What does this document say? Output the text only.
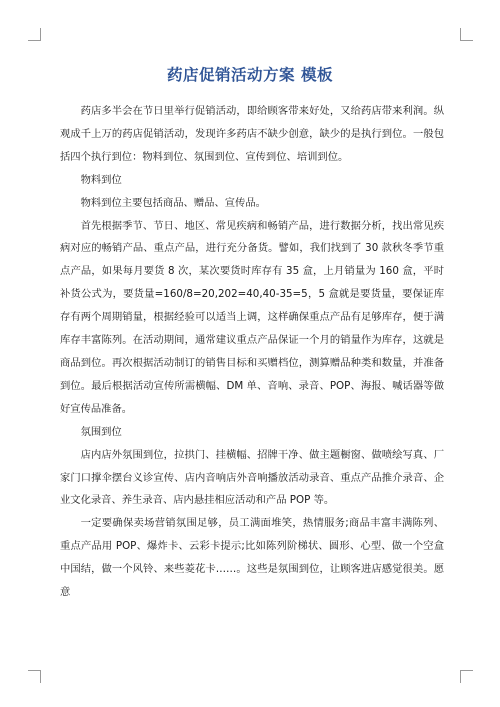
药店促销活动方案 模板

药店多半会在节日里举行促销活动，即给顾客带来好处，又给药店带来利润。纵观成千上万的药店促销活动，发现许多药店不缺少创意，缺少的是执行到位。一般包括四个执行到位：物料到位、氛围到位、宣传到位、培训到位。

物料到位

物料到位主要包括商品、赠品、宣传品。

首先根据季节、节日、地区、常见疾病和畅销产品，进行数据分析，找出常见疾病对应的畅销产品、重点产品，进行充分备货。譬如，我们找到了 30 款秋冬季节重点产品，如果每月要货 8 次，某次要货时库存有 35 盒，上月销量为 160 盒，平时补货公式为，要货量=160/8=20,202=40,40-35=5，5 盒就是要货量，要保证库存有两个周期销量，根据经验可以适当上调，这样确保重点产品有足够库存，便于满库存丰富陈列。在活动期间，通常建议重点产品保证一个月的销量作为库存，这就是商品到位。再次根据活动制订的销售目标和买赠档位，测算赠品种类和数量，并准备到位。最后根据活动宣传所需横幅、DM 单、音响、录音、POP、海报、喊话器等做好宣传品准备。

氛围到位

店内店外氛围到位，拉拱门、挂横幅、招牌干净、做主题橱窗、做喷绘写真、厂家门口撑伞摆台义诊宣传、店内音响店外音响播放活动录音、重点产品推介录音、企业文化录音、养生录音、店内悬挂相应活动和产品 POP 等。

一定要确保卖场营销氛围足够，员工满面堆笑，热情服务;商品丰富丰满陈列、重点产品用 POP、爆炸卡、云彩卡提示;比如陈列阶梯状、圆形、心型、做一个空盒中国结，做一个风铃、来些菱花卡……。这些是氛围到位，让顾客进店感觉很美。愿意
